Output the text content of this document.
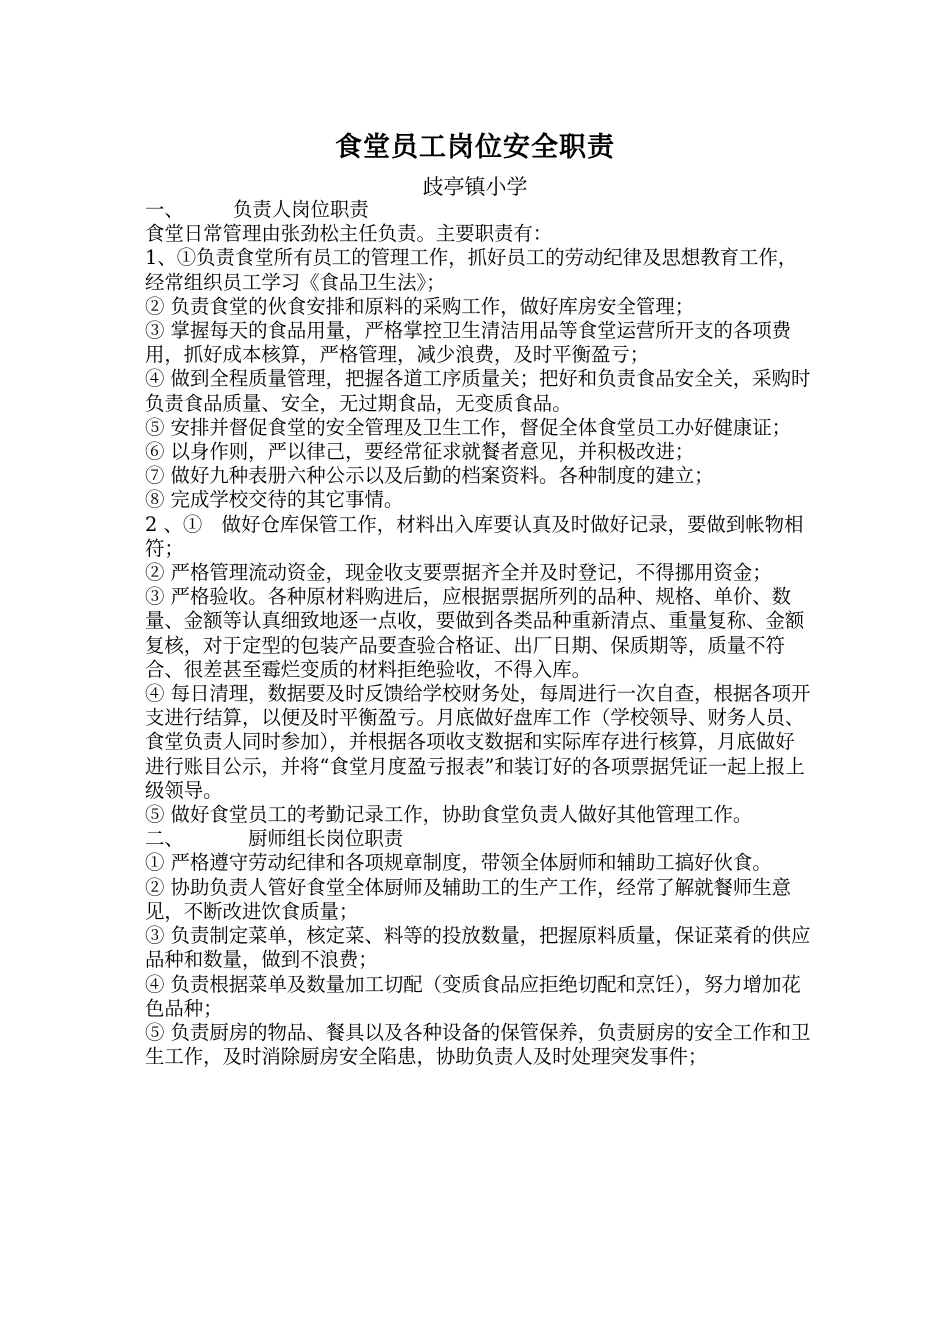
食堂员工岗位安全职责
歧亭镇小学

一、	负责人岗位职责

食堂日常管理由张劲松主任负责。主要职责有：

1、①负责食堂所有员工的管理工作，抓好员工的劳动纪律及思想教育工作，经常组织员工学习《食品卫生法》；

② 负责食堂的伙食安排和原料的采购工作，做好库房安全管理；

③ 掌握每天的食品用量，严格掌控卫生清洁用品等食堂运营所开支的各项费用，抓好成本核算，严格管理，减少浪费，及时平衡盈亏；

④ 做到全程质量管理，把握各道工序质量关；把好和负责食品安全关，采购时负责食品质量、安全，无过期食品，无变质食品。

⑤ 安排并督促食堂的安全管理及卫生工作，督促全体食堂员工办好健康证；

⑥ 以身作则，严以律己，要经常征求就餐者意见，并积极改进；

⑦ 做好九种表册六种公示以及后勤的档案资料。各种制度的建立；

⑧ 完成学校交待的其它事情。

2 、①　做好仓库保管工作，材料出入库要认真及时做好记录，要做到帐物相符；

② 严格管理流动资金，现金收支要票据齐全并及时登记，不得挪用资金；

③ 严格验收。各种原材料购进后，应根据票据所列的品种、规格、单价、数量、金额等认真细致地逐一点收，要做到各类品种重新清点、重量复称、金额复核，对于定型的包装产品要查验合格证、出厂日期、保质期等，质量不符合、很差甚至霉烂变质的材料拒绝验收，不得入库。

④ 每日清理，数据要及时反馈给学校财务处，每周进行一次自查，根据各项开支进行结算，以便及时平衡盈亏。月底做好盘库工作（学校领导、财务人员、食堂负责人同时参加），并根据各项收支数据和实际库存进行核算，月底做好进行账目公示，并将“食堂月度盈亏报表”和装订好的各项票据凭证一起上报上级领导。

⑤ 做好食堂员工的考勤记录工作，协助食堂负责人做好其他管理工作。

二、	厨师组长岗位职责

① 严格遵守劳动纪律和各项规章制度，带领全体厨师和辅助工搞好伙食。

② 协助负责人管好食堂全体厨师及辅助工的生产工作，经常了解就餐师生意见，不断改进饮食质量；

③ 负责制定菜单，核定菜、料等的投放数量，把握原料质量，保证菜肴的供应品种和数量，做到不浪费；

④ 负责根据菜单及数量加工切配（变质食品应拒绝切配和烹饪），努力增加花色品种；

⑤ 负责厨房的物品、餐具以及各种设备的保管保养，负责厨房的安全工作和卫生工作，及时消除厨房安全陷患，协助负责人及时处理突发事件；
